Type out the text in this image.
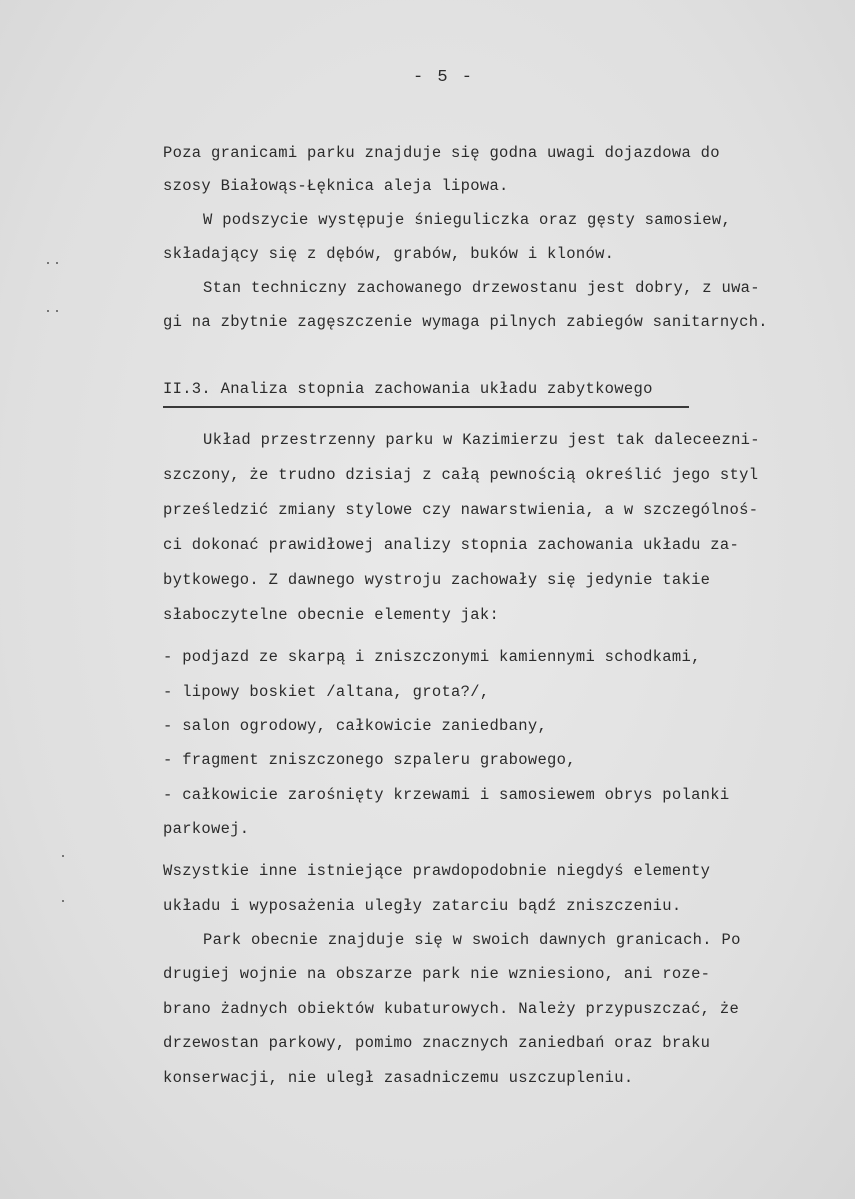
- 5 -
Poza granicami parku znajduje się godna uwagi dojazdowa do
szosy Białowąs-Łęknica aleja lipowa.
W podszycie występuje śnieguliczka oraz gęsty samosiew,
składający się z dębów, grabów, buków i klonów.
Stan techniczny zachowanego drzewostanu jest dobry, z uwa-
gi na zbytnie zagęszczenie wymaga pilnych zabiegów sanitarnych.
II.3. Analiza stopnia zachowania układu zabytkowego
Układ przestrzenny parku w Kazimierzu jest tak daleceezni-
szczony, że trudno dzisiaj z całą pewnością określić jego styl
prześledzić zmiany stylowe czy nawarstwienia, a w szczególnoś-
ci dokonać prawidłowej analizy stopnia zachowania układu za-
bytkowego. Z dawnego wystroju zachowały się jedynie takie
słaboczytelne obecnie elementy jak:
- podjazd ze skarpą i zniszczonymi kamiennymi schodkami,
- lipowy boskiet /altana, grota?/,
- salon ogrodowy, całkowicie zaniedbany,
- fragment zniszczonego szpaleru grabowego,
- całkowicie zarośnięty krzewami i samosiewem obrys polanki
parkowej.
Wszystkie inne istniejące prawdopodobnie niegdyś elementy
układu i wyposażenia uległy zatarciu bądź zniszczeniu.
Park obecnie znajduje się w swoich dawnych granicach. Po
drugiej wojnie na obszarze park nie wzniesiono, ani roze-
brano żadnych obiektów kubaturowych. Należy przypuszczać, że
drzewostan parkowy, pomimo znacznych zaniedbań oraz braku
konserwacji, nie uległ zasadniczemu uszczupleniu.
